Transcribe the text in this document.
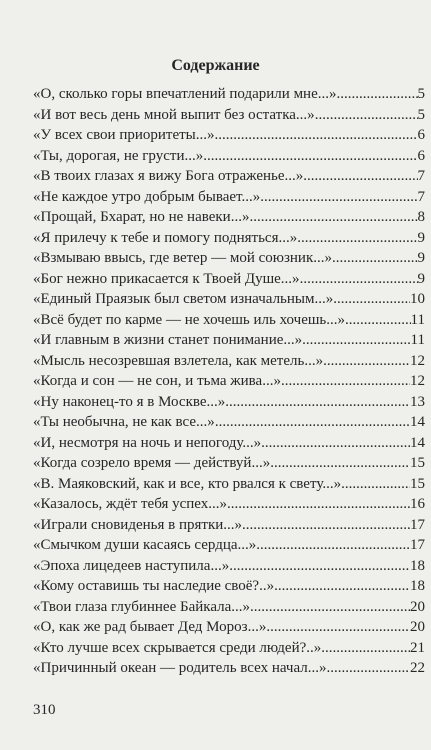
Содержание
«О, сколько горы впечатлений подарили мне...» .....	5
«И вот весь день мной выпит без остатка...» .....	5
«У всех свои приоритеты...» .....	6
«Ты, дорогая, не грусти...» .....	6
«В твоих глазах я вижу Бога отраженье...» .....	7
«Не каждое утро добрым бывает...» .....	7
«Прощай, Бхарат, но не навеки...» .....	8
«Я прилечу к тебе и помогу подняться...» .....	9
«Взмываю ввысь, где ветер — мой союзник...» .....	9
«Бог нежно прикасается к Твоей Душе...» .....	9
«Единый Праязык был светом изначальным...» .....	10
«Всё будет по карме — не хочешь иль хочешь...» .....	11
«И главным в жизни станет понимание...» .....	11
«Мысль несозревшая взлетела, как метель...» .....	12
«Когда и сон — не сон, и тьма жива...» .....	12
«Ну наконец-то я в Москве...» .....	13
«Ты необычна, не как все...» .....	14
«И, несмотря на ночь и непогоду...» .....	14
«Когда созрело время — действуй...» .....	15
«В. Маяковский, как и все, кто рвался к свету...» .....	15
«Казалось, ждёт тебя успех...» .....	16
«Играли сновиденья в прятки...» .....	17
«Смычком души касаясь сердца...» .....	17
«Эпоха лицедеев наступила...» .....	18
«Кому оставишь ты наследие своё?..» .....	18
«Твои глаза глубиннее Байкала...» .....	20
«О, как же рад бывает Дед Мороз...» .....	20
«Кто лучше всех скрывается среди людей?..» .....	21
«Причинный океан — родитель всех начал...» .....	22
310
